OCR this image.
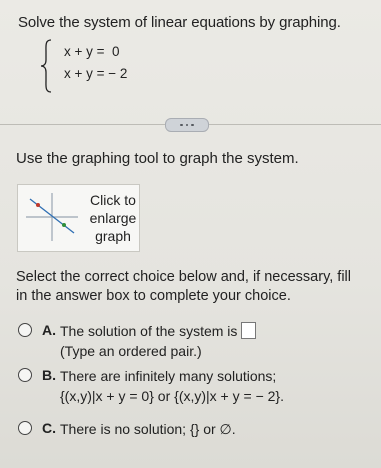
Solve the system of linear equations by graphing.
x + y =  0
x + y = − 2
Use the graphing tool to graph the system.
Click to
enlarge
graph
Select the correct choice below and, if necessary, fill in the answer box to complete your choice.
A. The solution of the system is
(Type an ordered pair.)
B. There are infinitely many solutions;
{(x,y)|x + y = 0} or {(x,y)|x + y = − 2}.
C. There is no solution; {} or ∅.
